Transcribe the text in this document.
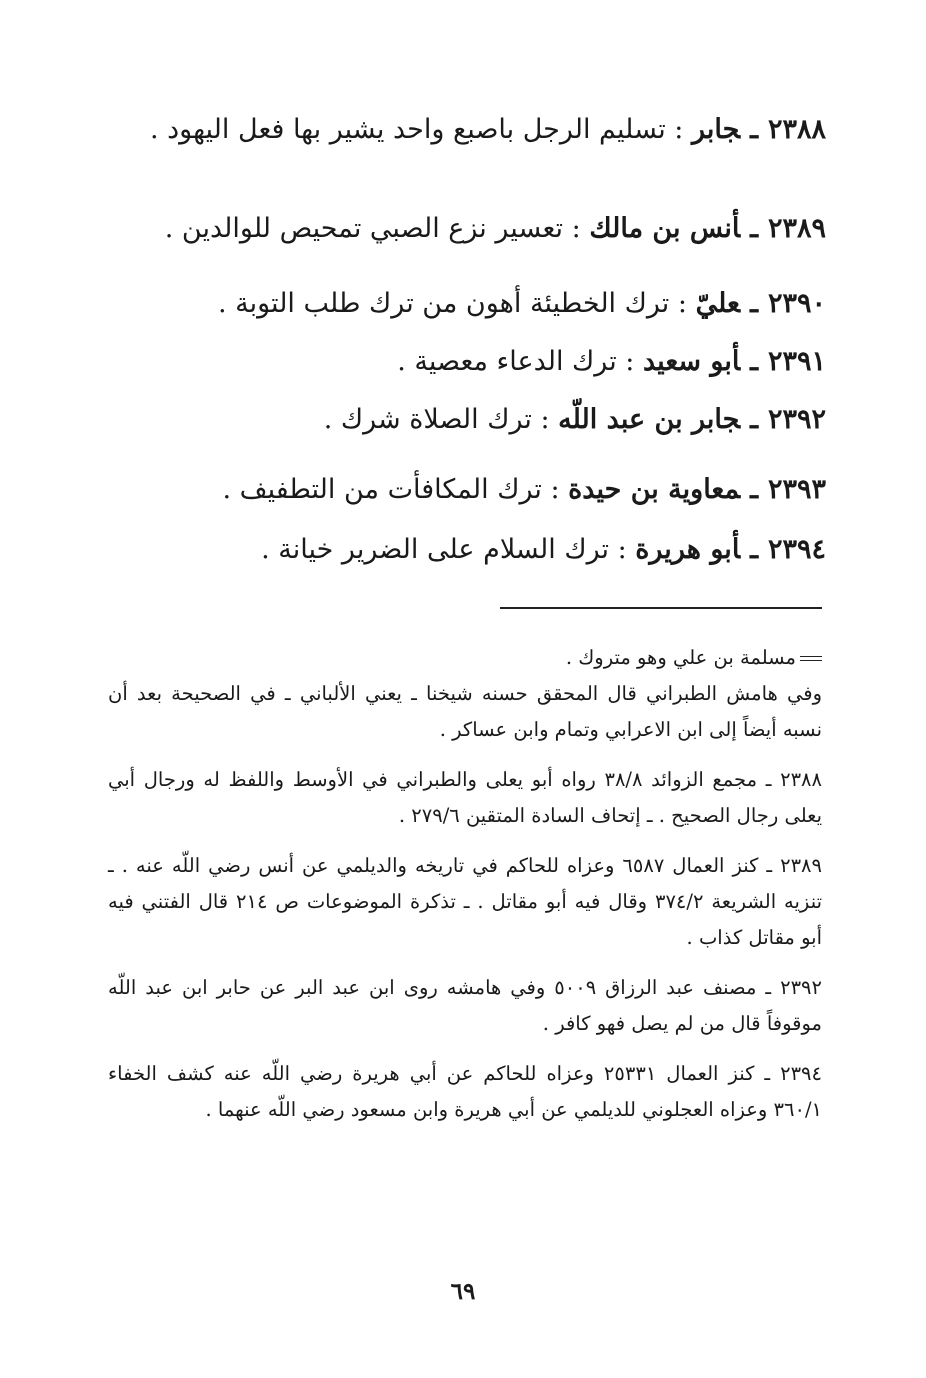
٢٣٨٨ـجابر : تسليم الرجل باصبع واحد يشير بها فعل اليهود .
٢٣٨٩ـأنس بن مالك : تعسير نزع الصبي تمحيص للوالدين .
٢٣٩٠ـعليّ : ترك الخطيئة أهون من ترك طلب التوبة .
٢٣٩١ـأبو سعيد : ترك الدعاء معصية .
٢٣٩٢ـجابر بن عبد اللّه : ترك الصلاة شرك .
٢٣٩٣ـمعاوية بن حيدة : ترك المكافأت من التطفيف .
٢٣٩٤ـأبو هريرة : ترك السلام على الضرير خيانة .
مسلمة بن علي وهو متروك .
وفي هامش الطبراني قال المحقق حسنه شيخنا ـ يعني الألباني ـ في الصحيحة بعد أن نسبه أيضاً إلى ابن الاعرابي وتمام وابن عساكر .
٢٣٨٨ ـ مجمع الزوائد ٣٨/٨ رواه أبو يعلى والطبراني في الأوسط واللفظ له ورجال أبي يعلى رجال الصحيح . ـ إتحاف السادة المتقين ٢٧٩/٦ .
٢٣٨٩ ـ كنز العمال ٦٥٨٧ وعزاه للحاكم في تاريخه والديلمي عن أنس رضي اللّه عنه . ـ تنزيه الشريعة ٣٧٤/٢ وقال فيه أبو مقاتل . ـ تذكرة الموضوعات ص ٢١٤ قال الفتني فيه أبو مقاتل كذاب .
٢٣٩٢ ـ مصنف عبد الرزاق ٥٠٠٩ وفي هامشه روى ابن عبد البر عن حابر ابن عبد اللّه موقوفاً قال من لم يصل فهو كافر .
٢٣٩٤ ـ كنز العمال ٢٥٣٣١ وعزاه للحاكم عن أبي هريرة رضي اللّه عنه كشف الخفاء ٣٦٠/١ وعزاه العجلوني للديلمي عن أبي هريرة وابن مسعود رضي اللّه عنهما .
٦٩
